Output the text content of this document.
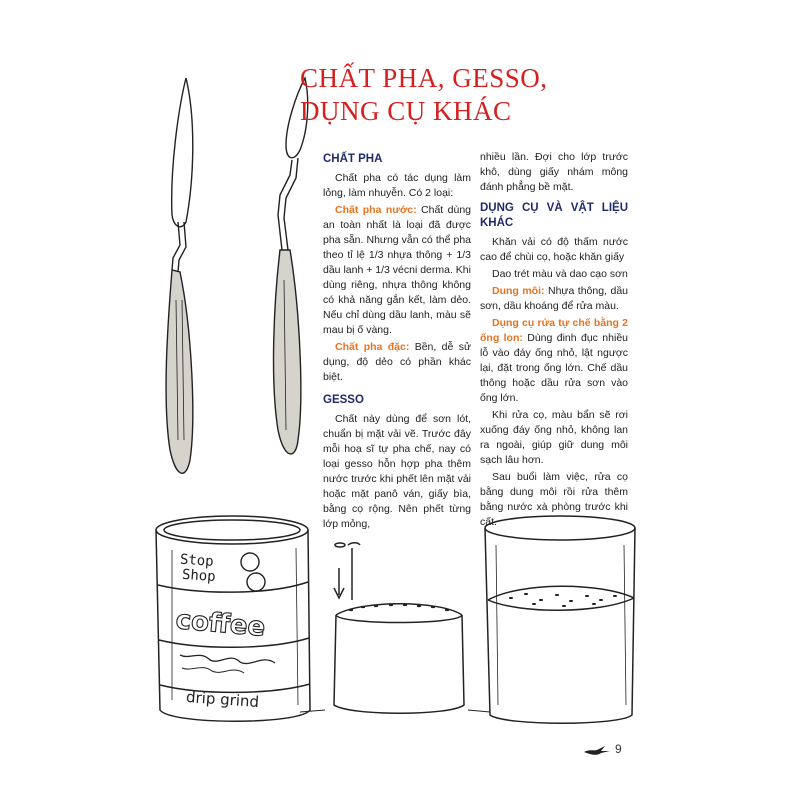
Stop
Shop
coffee
drip grind
CHẤT PHA, GESSO,
DỤNG CỤ KHÁC
CHẤT PHA

Chất pha có tác dụng làm lỏng, làm nhuyễn. Có 2 loại:

Chất pha nước: Chất dùng an toàn nhất là loại đã được pha sẵn. Nhưng vẫn có thể pha theo tỉ lệ 1/3 nhựa thông + 1/3 dầu lanh + 1/3 vécni derma. Khi dùng riêng, nhựa thông không có khả năng gắn kết, làm dẻo. Nếu chỉ dùng dầu lanh, màu sẽ mau bị ố vàng.

Chất pha đặc: Bền, dễ sử dụng, độ dẻo có phần khác biệt.

GESSO

Chất này dùng để sơn lót, chuẩn bị mặt vải vẽ. Trước đây mỗi hoạ sĩ tự pha chế, nay có loại gesso hỗn hợp pha thêm nước trước khi phết lên mặt vải hoặc mặt panô ván, giấy bìa, bằng cọ rộng. Nên phết từng lớp mỏng,

nhiều lần. Đợi cho lớp trước khô, dùng giấy nhám mông đánh phẳng bề mặt.

DỤNG CỤ VÀ VẬT LIỆU KHÁC

Khăn vải có độ thấm nước cao để chùi cọ, hoặc khăn giấy

Dao trét màu và dao cạo sơn

Dung môi: Nhựa thông, dầu sơn, dầu khoáng để rửa màu.

Dụng cụ rửa tự chế bằng 2 ống lon: Dùng đinh đục nhiều lỗ vào đáy ống nhỏ, lật ngược lại, đặt trong ống lớn. Chế dầu thông hoặc dầu rửa sơn vào ống lớn.

Khi rửa cọ, màu bẩn sẽ rơi xuống đáy ống nhỏ, không lan ra ngoài, giúp giữ dung môi sạch lâu hơn.

Sau buổi làm việc, rửa cọ bằng dung môi rồi rửa thêm bằng nước xà phòng trước khi cất.

9
